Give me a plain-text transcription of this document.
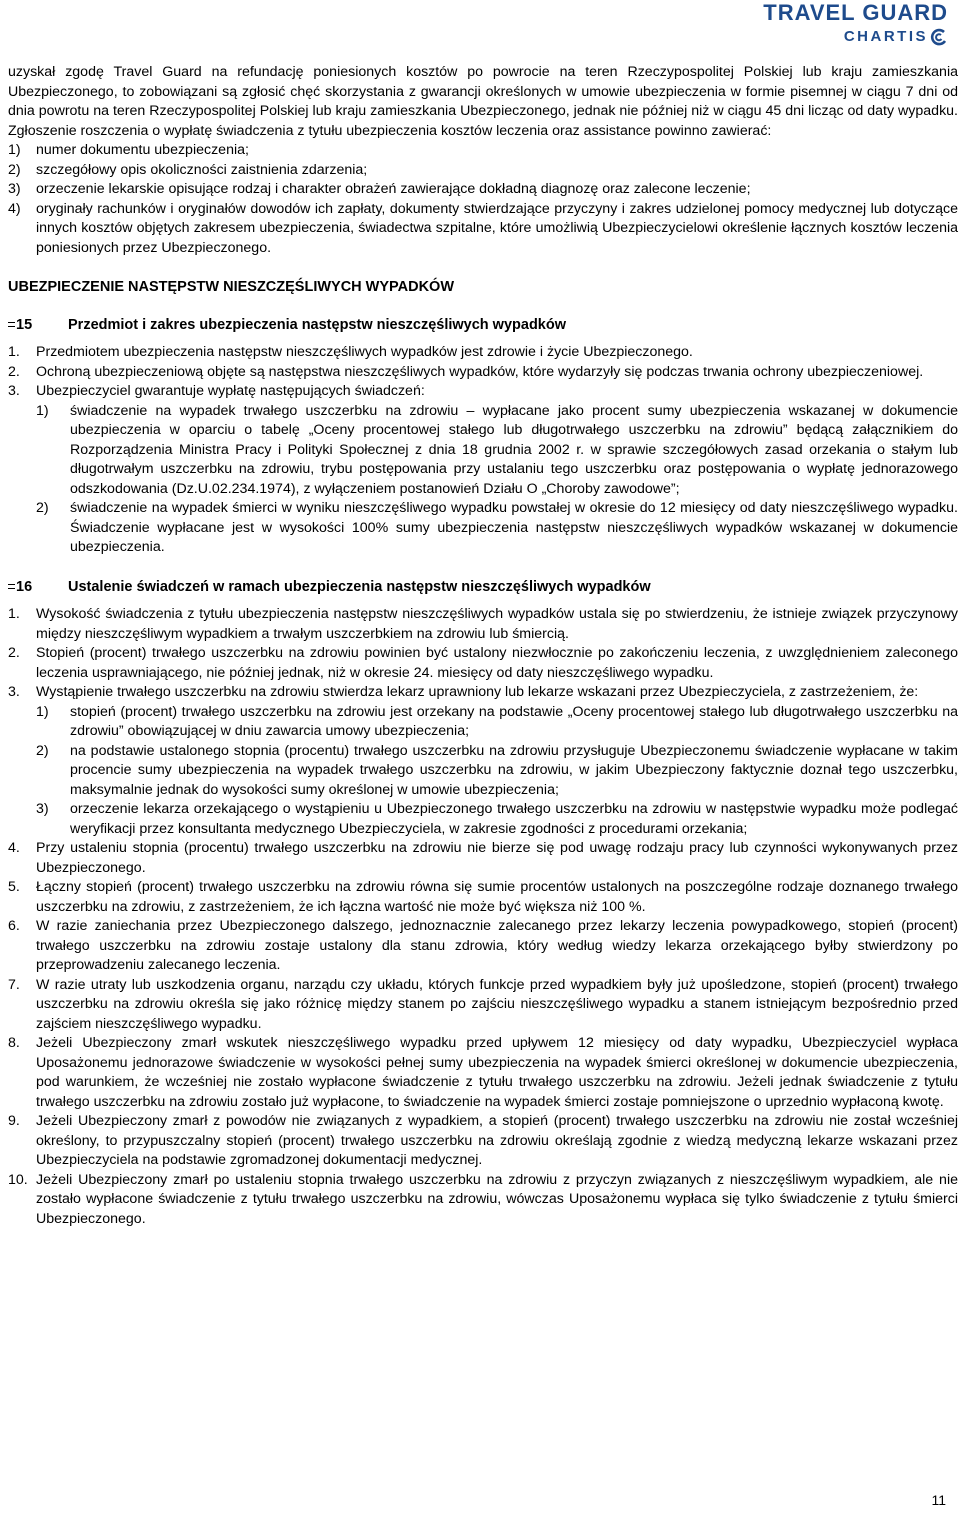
TRAVEL GUARD
CHARTIS

uzyskał zgodę Travel Guard na refundację poniesionych kosztów po powrocie na teren Rzeczypospolitej Polskiej lub kraju zamieszkania Ubezpieczonego, to zobowiązani są zgłosić chęć skorzystania z gwarancji określonych w umowie ubezpieczenia w formie pisemnej w ciągu 7 dni od dnia powrotu na teren Rzeczypospolitej Polskiej lub kraju zamieszkania Ubezpieczonego, jednak nie później niż w ciągu 45 dni licząc od daty wypadku. Zgłoszenie roszczenia o wypłatę świadczenia z tytułu ubezpieczenia kosztów leczenia oraz assistance powinno zawierać:

1) numer dokumentu ubezpieczenia;
2) szczegółowy opis okoliczności zaistnienia zdarzenia;
3) orzeczenie lekarskie opisujące rodzaj i charakter obrażeń zawierające dokładną diagnozę oraz zalecone leczenie;
4) oryginały rachunków i oryginałów dowodów ich zapłaty, dokumenty stwierdzające przyczyny i zakres udzielonej pomocy medycznej lub dotyczące innych kosztów objętych zakresem ubezpieczenia, świadectwa szpitalne, które umożliwią Ubezpieczycielowi określenie łącznych kosztów leczenia poniesionych przez Ubezpieczonego.
UBEZPIECZENIE NASTĘPSTW NIESZCZĘŚLIWYCH WYPADKÓW
15 Przedmiot i zakres ubezpieczenia następstw nieszczęśliwych wypadków
1. Przedmiotem ubezpieczenia następstw nieszczęśliwych wypadków jest zdrowie i życie Ubezpieczonego.
2. Ochroną ubezpieczeniową objęte są następstwa nieszczęśliwych wypadków, które wydarzyły się podczas trwania ochrony ubezpieczeniowej.
3. Ubezpieczyciel gwarantuje wypłatę następujących świadczeń:
1) świadczenie na wypadek trwałego uszczerbku na zdrowiu – wypłacane jako procent sumy ubezpieczenia wskazanej w dokumencie ubezpieczenia w oparciu o tabelę „Oceny procentowej stałego lub długotrwałego uszczerbku na zdrowiu” będącą załącznikiem do Rozporządzenia Ministra Pracy i Polityki Społecznej z dnia 18 grudnia 2002 r. w sprawie szczegółowych zasad orzekania o stałym lub długotrwałym uszczerbku na zdrowiu, trybu postępowania przy ustalaniu tego uszczerbku oraz postępowania o wypłatę jednorazowego odszkodowania (Dz.U.02.234.1974), z wyłączeniem postanowień Działu O „Choroby zawodowe”;
2) świadczenie na wypadek śmierci w wyniku nieszczęśliwego wypadku powstałej w okresie do 12 miesięcy od daty nieszczęśliwego wypadku. Świadczenie wypłacane jest w wysokości 100% sumy ubezpieczenia następstw nieszczęśliwych wypadków wskazanej w dokumencie ubezpieczenia.
16 Ustalenie świadczeń w ramach ubezpieczenia następstw nieszczęśliwych wypadków
1. Wysokość świadczenia z tytułu ubezpieczenia następstw nieszczęśliwych wypadków ustala się po stwierdzeniu, że istnieje związek przyczynowy między nieszczęśliwym wypadkiem a trwałym uszczerbkiem na zdrowiu lub śmiercią.
2. Stopień (procent) trwałego uszczerbku na zdrowiu powinien być ustalony niezwłocznie po zakończeniu leczenia, z uwzględnieniem zaleconego leczenia usprawniającego, nie później jednak, niż w okresie 24. miesięcy od daty nieszczęśliwego wypadku.
3. Wystąpienie trwałego uszczerbku na zdrowiu stwierdza lekarz uprawniony lub lekarze wskazani przez Ubezpieczyciela, z zastrzeżeniem, że:
1) stopień (procent) trwałego uszczerbku na zdrowiu jest orzekany na podstawie „Oceny procentowej stałego lub długotrwałego uszczerbku na zdrowiu” obowiązującej w dniu zawarcia umowy ubezpieczenia;
2) na podstawie ustalonego stopnia (procentu) trwałego uszczerbku na zdrowiu przysługuje Ubezpieczonemu świadczenie wypłacane w takim procencie sumy ubezpieczenia na wypadek trwałego uszczerbku na zdrowiu, w jakim Ubezpieczony faktycznie doznał tego uszczerbku, maksymalnie jednak do wysokości sumy określonej w umowie ubezpieczenia;
3) orzeczenie lekarza orzekającego o wystąpieniu u Ubezpieczonego trwałego uszczerbku na zdrowiu w następstwie wypadku może podlegać weryfikacji przez konsultanta medycznego Ubezpieczyciela, w zakresie zgodności z procedurami orzekania;
4. Przy ustaleniu stopnia (procentu) trwałego uszczerbku na zdrowiu nie bierze się pod uwagę rodzaju pracy lub czynności wykonywanych przez Ubezpieczonego.
5. Łączny stopień (procent) trwałego uszczerbku na zdrowiu równa się sumie procentów ustalonych na poszczególne rodzaje doznanego trwałego uszczerbku na zdrowiu, z zastrzeżeniem, że ich łączna wartość nie może być większa niż 100 %.
6. W razie zaniechania przez Ubezpieczonego dalszego, jednoznacznie zalecanego przez lekarzy leczenia powypadkowego, stopień (procent) trwałego uszczerbku na zdrowiu zostaje ustalony dla stanu zdrowia, który według wiedzy lekarza orzekającego byłby stwierdzony po przeprowadzeniu zalecanego leczenia.
7. W razie utraty lub uszkodzenia organu, narządu czy układu, których funkcje przed wypadkiem były już upośledzone, stopień (procent) trwałego uszczerbku na zdrowiu określa się jako różnicę między stanem po zajściu nieszczęśliwego wypadku a stanem istniejącym bezpośrednio przed zajściem nieszczęśliwego wypadku.
8. Jeżeli Ubezpieczony zmarł wskutek nieszczęśliwego wypadku przed upływem 12 miesięcy od daty wypadku, Ubezpieczyciel wypłaca Uposażonemu jednorazowe świadczenie w wysokości pełnej sumy ubezpieczenia na wypadek śmierci określonej w dokumencie ubezpieczenia, pod warunkiem, że wcześniej nie zostało wypłacone świadczenie z tytułu trwałego uszczerbku na zdrowiu. Jeżeli jednak świadczenie z tytułu trwałego uszczerbku na zdrowiu zostało już wypłacone, to świadczenie na wypadek śmierci zostaje pomniejszone o uprzednio wypłaconą kwotę.
9. Jeżeli Ubezpieczony zmarł z powodów nie związanych z wypadkiem, a stopień (procent) trwałego uszczerbku na zdrowiu nie został wcześniej określony, to przypuszczalny stopień (procent) trwałego uszczerbku na zdrowiu określają zgodnie z wiedzą medyczną lekarze wskazani przez Ubezpieczyciela na podstawie zgromadzonej dokumentacji medycznej.
10. Jeżeli Ubezpieczony zmarł po ustaleniu stopnia trwałego uszczerbku na zdrowiu z przyczyn związanych z nieszczęśliwym wypadkiem, ale nie zostało wypłacone świadczenie z tytułu trwałego uszczerbku na zdrowiu, wówczas Uposażonemu wypłaca się tylko świadczenie z tytułu śmierci Ubezpieczonego.
11
